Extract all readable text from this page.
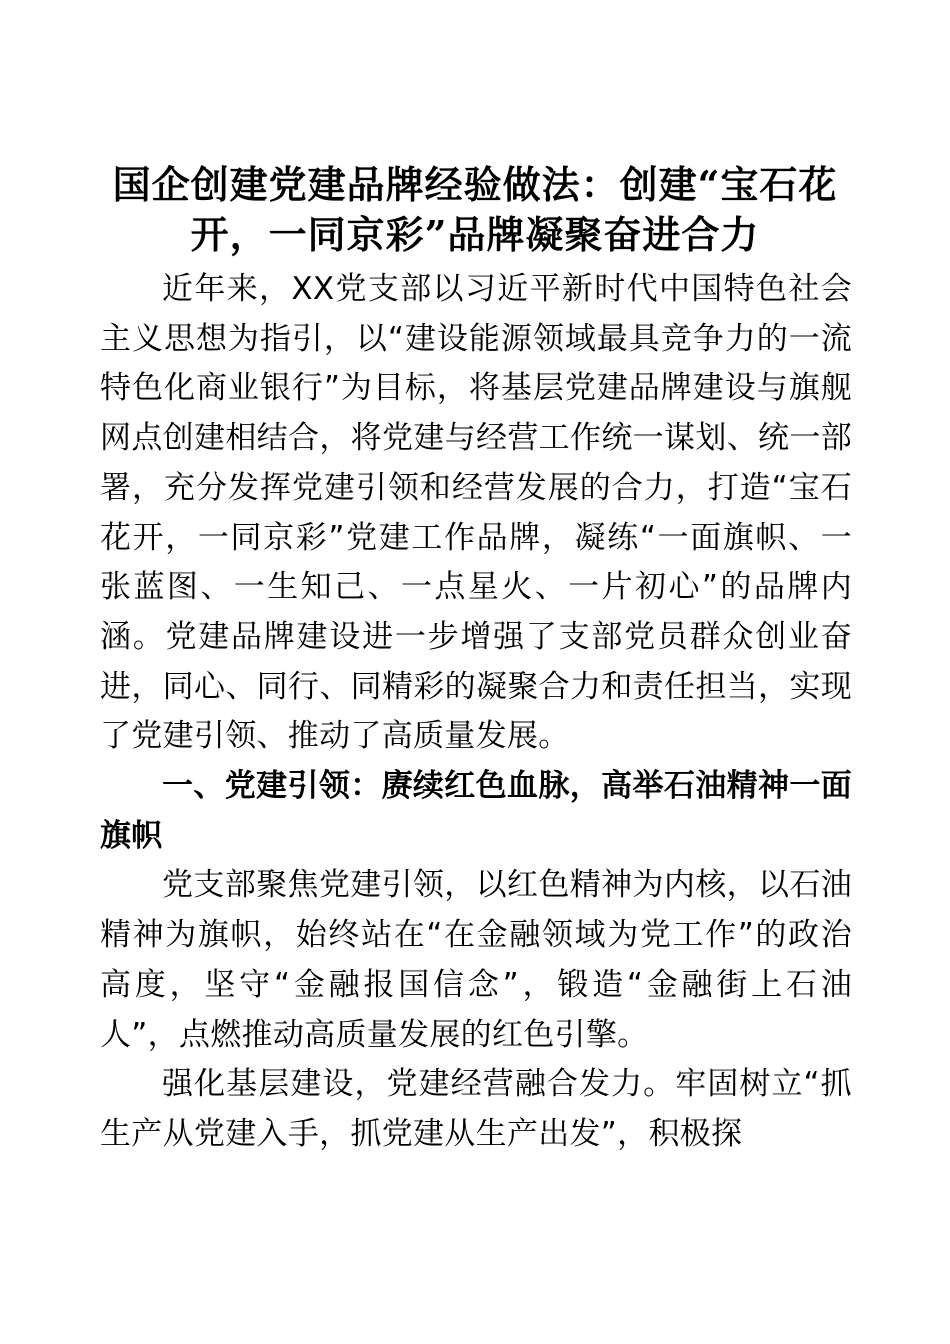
国企创建党建品牌经验做法：创建“宝石花开，一同京彩”品牌凝聚奋进合力

近年来，XX党支部以习近平新时代中国特色社会主义思想为指引，以“建设能源领域最具竞争力的一流特色化商业银行”为目标，将基层党建品牌建设与旗舰网点创建相结合，将党建与经营工作统一谋划、统一部署，充分发挥党建引领和经营发展的合力，打造“宝石花开，一同京彩”党建工作品牌，凝练“一面旗帜、一张蓝图、一生知己、一点星火、一片初心”的品牌内涵。党建品牌建设进一步增强了支部党员群众创业奋进，同心、同行、同精彩的凝聚合力和责任担当，实现了党建引领、推动了高质量发展。

一、党建引领：赓续红色血脉，高举石油精神一面旗帜

党支部聚焦党建引领，以红色精神为内核，以石油精神为旗帜，始终站在“在金融领域为党工作”的政治高度，坚守“金融报国信念”，锻造“金融街上石油人”，点燃推动高质量发展的红色引擎。

强化基层建设，党建经营融合发力。牢固树立“抓生产从党建入手，抓党建从生产出发”，积极探
